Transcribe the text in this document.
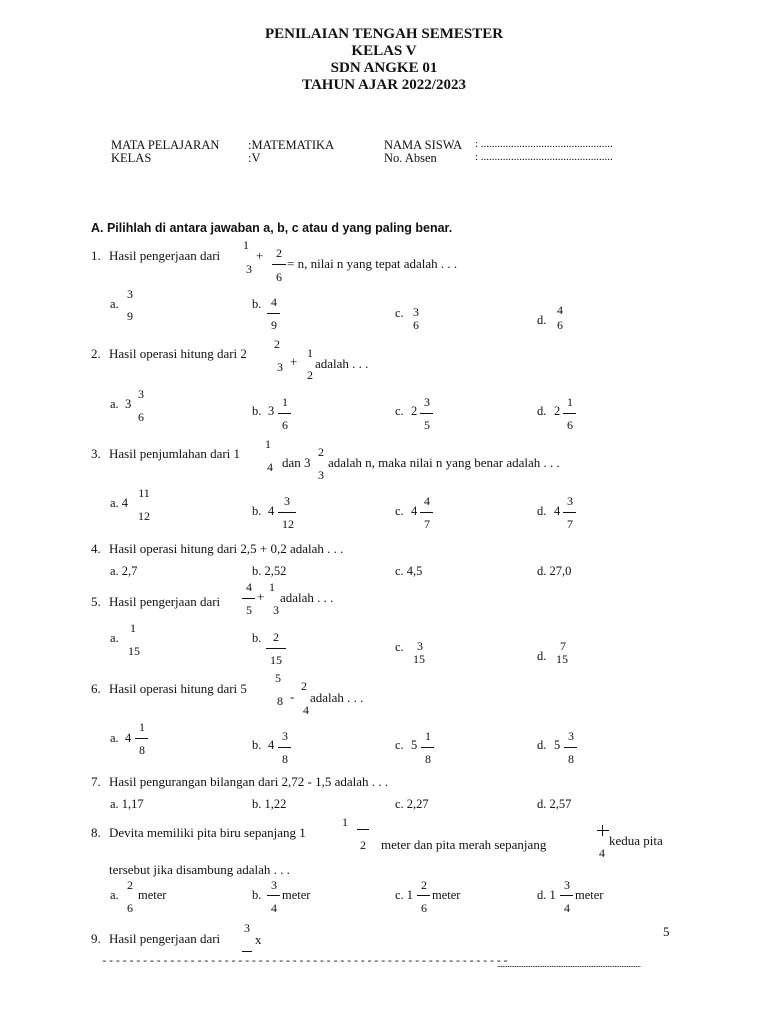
PENILAIAN TENGAH SEMESTER
KELAS V
SDN ANGKE 01
TAHUN AJAR 2022/2023
MATA PELAJARAN :MATEMATIKA
KELAS	:V
NAMA SISWA : ................................................
No. Absen	: ................................................
A. Pilihlah di antara jawaban a, b, c atau d yang paling benar.
1. Hasil pengerjaan dari
1
3
+	2
6
= n, nilai n yang tepat adalah . . .
a.
3
9
b. 4
9
c. 3
6	d.
4
6
2. Hasil operasi hitung dari 2
2
3 +
1
2
adalah . . .
a. 3
3
6	b. 3
1
6
c. 2
3
5
d. 2
1
6
3. Hasil penjumlahan dari 1
1
4 dan 3
2
3
adalah n, maka nilai n yang benar adalah . . .
a. 4
11
12	b. 4
3
12
c. 4
4
7
d. 4
3
7
4. Hasil operasi hitung dari 2,5 + 0,2 adalah . . .
a. 2,7	b. 2,52	c. 4,5	d. 27,0
5. Hasil pengerjaan dari
4
5
+
1
3
adalah . . .
a.
1
15
b. 2
15
c.	3
15	d.
7
15
6. Hasil operasi hitung dari 5
5
8 -
2
4
adalah . . .
a. 4
1
8	b. 4
3
8
c. 5
1
8
d. 5
3
8
7. Hasil pengurangan bilangan dari 2,72 - 1,5 adalah . . .
a. 1,17	b. 1,22	c. 2,27	d. 2,57
8. Devita memiliki pita biru sepanjang 1
1
2	meter dan pita merah sepanjang
4
kedua pita
tersebut jika disambung adalah . . .
a.
2
6
meter	b.
3
4
meter	c. 1
2
6
meter	d. 1
3
4
meter
9. Hasil pengerjaan dari
3
x
5
------------------------------------------------------------
..................................................................................
